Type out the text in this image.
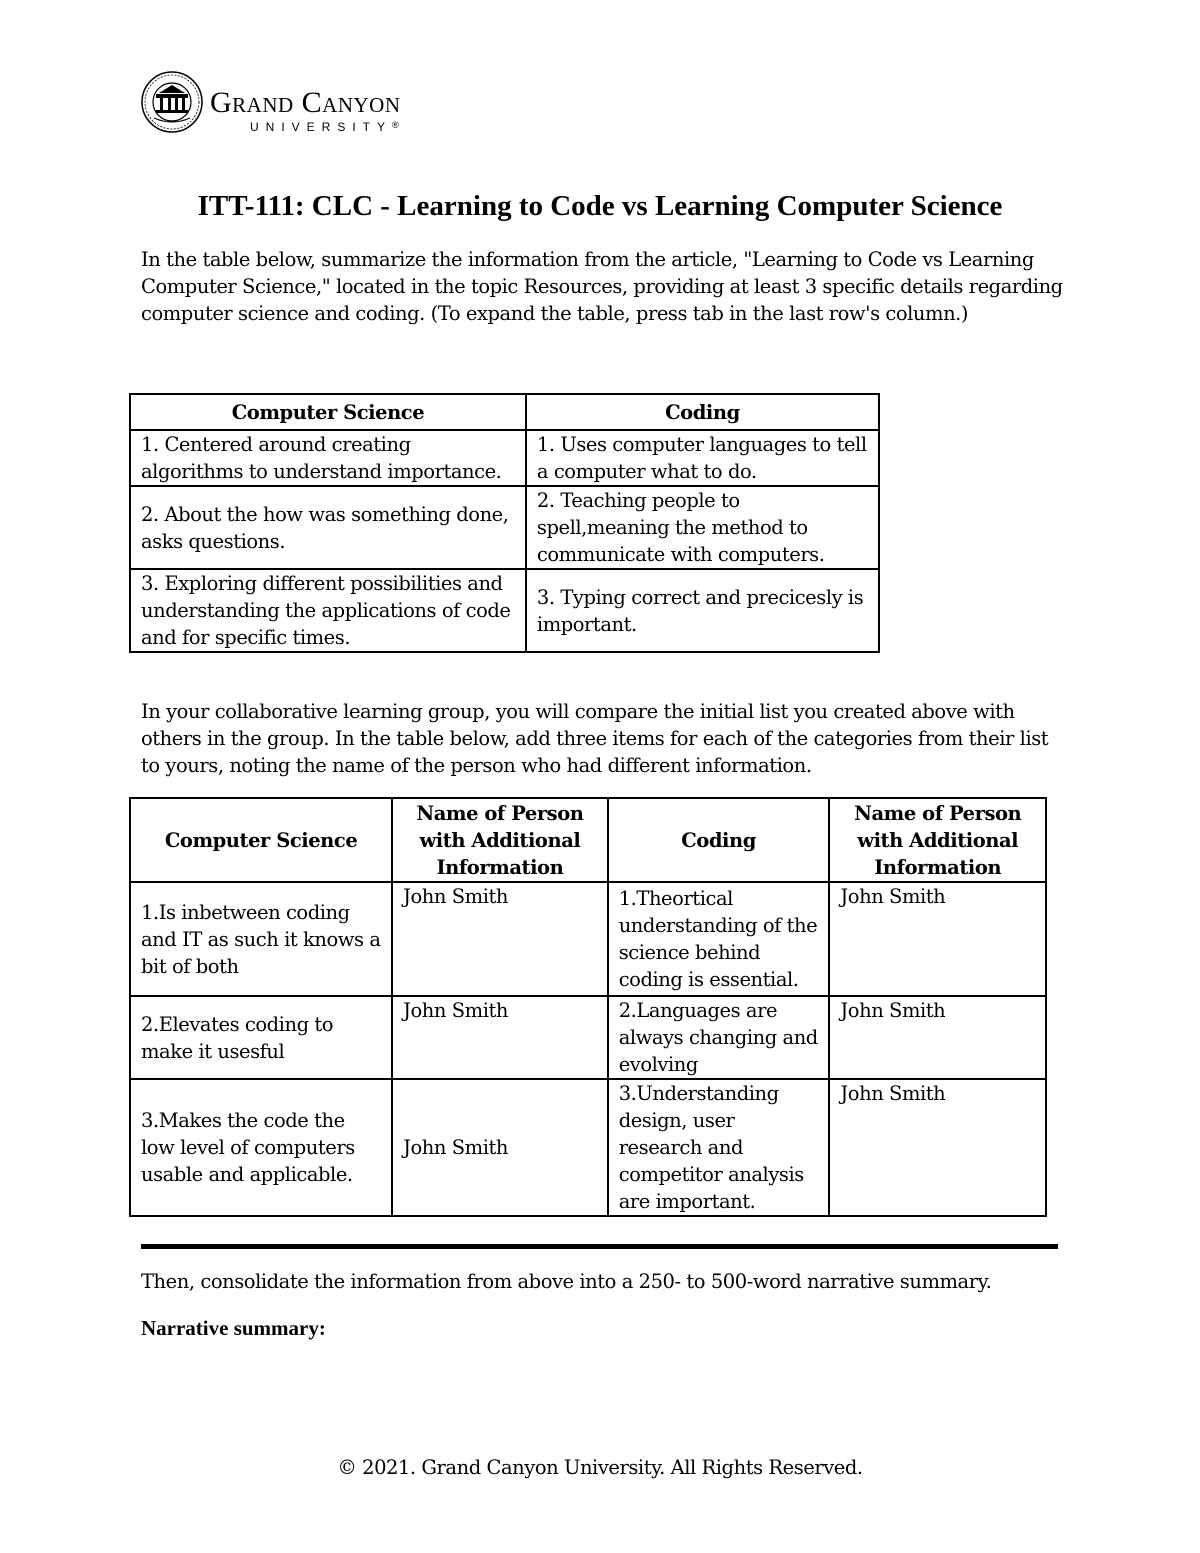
Grand Canyon
UNIVERSITY®
ITT-111: CLC - Learning to Code vs Learning Computer Science

In the table below, summarize the information from the article, "Learning to Code vs Learning Computer Science," located in the topic Resources, providing at least 3 specific details regarding computer science and coding. (To expand the table, press tab in the last row's column.)

Computer Science	Coding
1. Centered around creating algorithms to understand importance.	1. Uses computer languages to tell a computer what to do.
2. About the how was something done, asks questions.	2. Teaching people to spell,meaning the method to communicate with computers.
3. Exploring different possibilities and understanding the applications of code and for specific times.	3. Typing correct and precicesly is important.

In your collaborative learning group, you will compare the initial list you created above with others in the group. In the table below, add three items for each of the categories from their list to yours, noting the name of the person who had different information.

Computer Science	Name of Person with Additional Information	Coding	Name of Person with Additional Information
1.Is inbetween coding and IT as such it knows a bit of both	John Smith	1.Theortical understanding of the science behind coding is essential.	John Smith
2.Elevates coding to make it usesful	John Smith	2.Languages are always changing and evolving	John Smith
3.Makes the code the low level of computers usable and applicable.	John Smith	3.Understanding design, user research and competitor analysis are important.	John Smith

Then, consolidate the information from above into a 250- to 500-word narrative summary.

Narrative summary:

© 2021. Grand Canyon University. All Rights Reserved.
